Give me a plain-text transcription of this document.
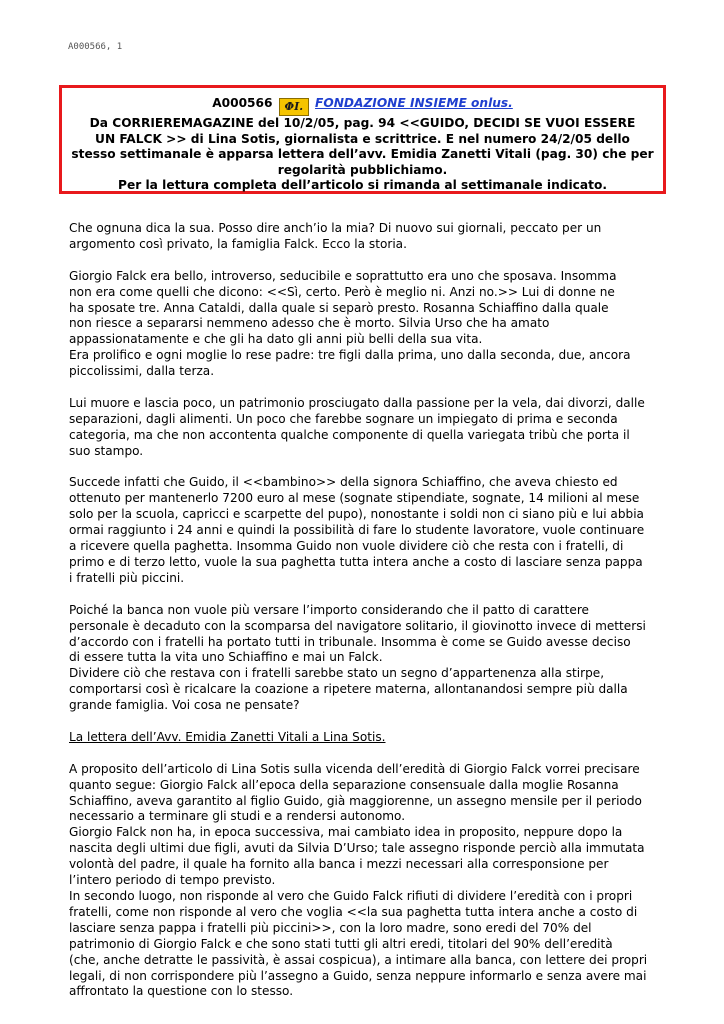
A000566, 1
A000566 ΦI. FONDAZIONE INSIEME onlus.
Da CORRIEREMAGAZINE del 10/2/05, pag. 94 <<GUIDO, DECIDI SE VUOI ESSERE
UN FALCK >> di Lina Sotis, giornalista e scrittrice. E nel numero 24/2/05 dello
stesso settimanale è apparsa lettera dell’avv. Emidia Zanetti Vitali (pag. 30) che per
regolarità pubblichiamo.
Per la lettura completa dell’articolo si rimanda al settimanale indicato.

Che ognuna dica la sua. Posso dire anch’io la mia? Di nuovo sui giornali, peccato per un
argomento così privato, la famiglia Falck. Ecco la storia.

Giorgio Falck era bello, introverso, seducibile e soprattutto era uno che sposava. Insomma
non era come quelli che dicono: <<Sì, certo. Però è meglio ni. Anzi no.>> Lui di donne ne
ha sposate tre. Anna Cataldi, dalla quale si separò presto. Rosanna Schiaffino dalla quale
non riesce a separarsi nemmeno adesso che è morto. Silvia Urso che ha amato
appassionatamente e che gli ha dato gli anni più belli della sua vita.
Era prolifico e ogni moglie lo rese padre: tre figli dalla prima, uno dalla seconda, due, ancora
piccolissimi, dalla terza.

Lui muore e lascia poco, un patrimonio prosciugato dalla passione per la vela, dai divorzi, dalle
separazioni, dagli alimenti. Un poco che farebbe sognare un impiegato di prima e seconda
categoria, ma che non accontenta qualche componente di quella variegata tribù che porta il
suo stampo.

Succede infatti che Guido, il <<bambino>> della signora Schiaffino, che aveva chiesto ed
ottenuto per mantenerlo 7200 euro al mese (sognate stipendiate, sognate, 14 milioni al mese
solo per la scuola, capricci e scarpette del pupo), nonostante i soldi non ci siano più e lui abbia
ormai raggiunto i 24 anni e quindi la possibilità di fare lo studente lavoratore, vuole continuare
a ricevere quella paghetta. Insomma Guido non vuole dividere ciò che resta con i fratelli, di
primo e di terzo letto, vuole la sua paghetta tutta intera anche a costo di lasciare senza pappa
i fratelli più piccini.

Poiché la banca non vuole più versare l’importo considerando che il patto di carattere
personale è decaduto con la scomparsa del navigatore solitario, il giovinotto invece di mettersi
d’accordo con i fratelli ha portato tutti in tribunale. Insomma è come se Guido avesse deciso
di essere tutta la vita uno Schiaffino e mai un Falck.
Dividere ciò che restava con i fratelli sarebbe stato un segno d’appartenenza alla stirpe,
comportarsi così è ricalcare la coazione a ripetere materna, allontanandosi sempre più dalla
grande famiglia. Voi cosa ne pensate?

La lettera dell’Avv. Emidia Zanetti Vitali a Lina Sotis.

A proposito dell’articolo di Lina Sotis sulla vicenda dell’eredità di Giorgio Falck vorrei precisare
quanto segue: Giorgio Falck all’epoca della separazione consensuale dalla moglie Rosanna
Schiaffino, aveva garantito al figlio Guido, già maggiorenne, un assegno mensile per il periodo
necessario a terminare gli studi e a rendersi autonomo.
Giorgio Falck non ha, in epoca successiva, mai cambiato idea in proposito, neppure dopo la
nascita degli ultimi due figli, avuti da Silvia D’Urso; tale assegno risponde perciò alla immutata
volontà del padre, il quale ha fornito alla banca i mezzi necessari alla corresponsione per
l’intero periodo di tempo previsto.
In secondo luogo, non risponde al vero che Guido Falck rifiuti di dividere l’eredità con i propri
fratelli, come non risponde al vero che voglia <<la sua paghetta tutta intera anche a costo di
lasciare senza pappa i fratelli più piccini>>, con la loro madre, sono eredi del 70% del
patrimonio di Giorgio Falck e che sono stati tutti gli altri eredi, titolari del 90% dell’eredità
(che, anche detratte le passività, è assai cospicua), a intimare alla banca, con lettere dei propri
legali, di non corrispondere più l’assegno a Guido, senza neppure informarlo e senza avere mai
affrontato la questione con lo stesso.
